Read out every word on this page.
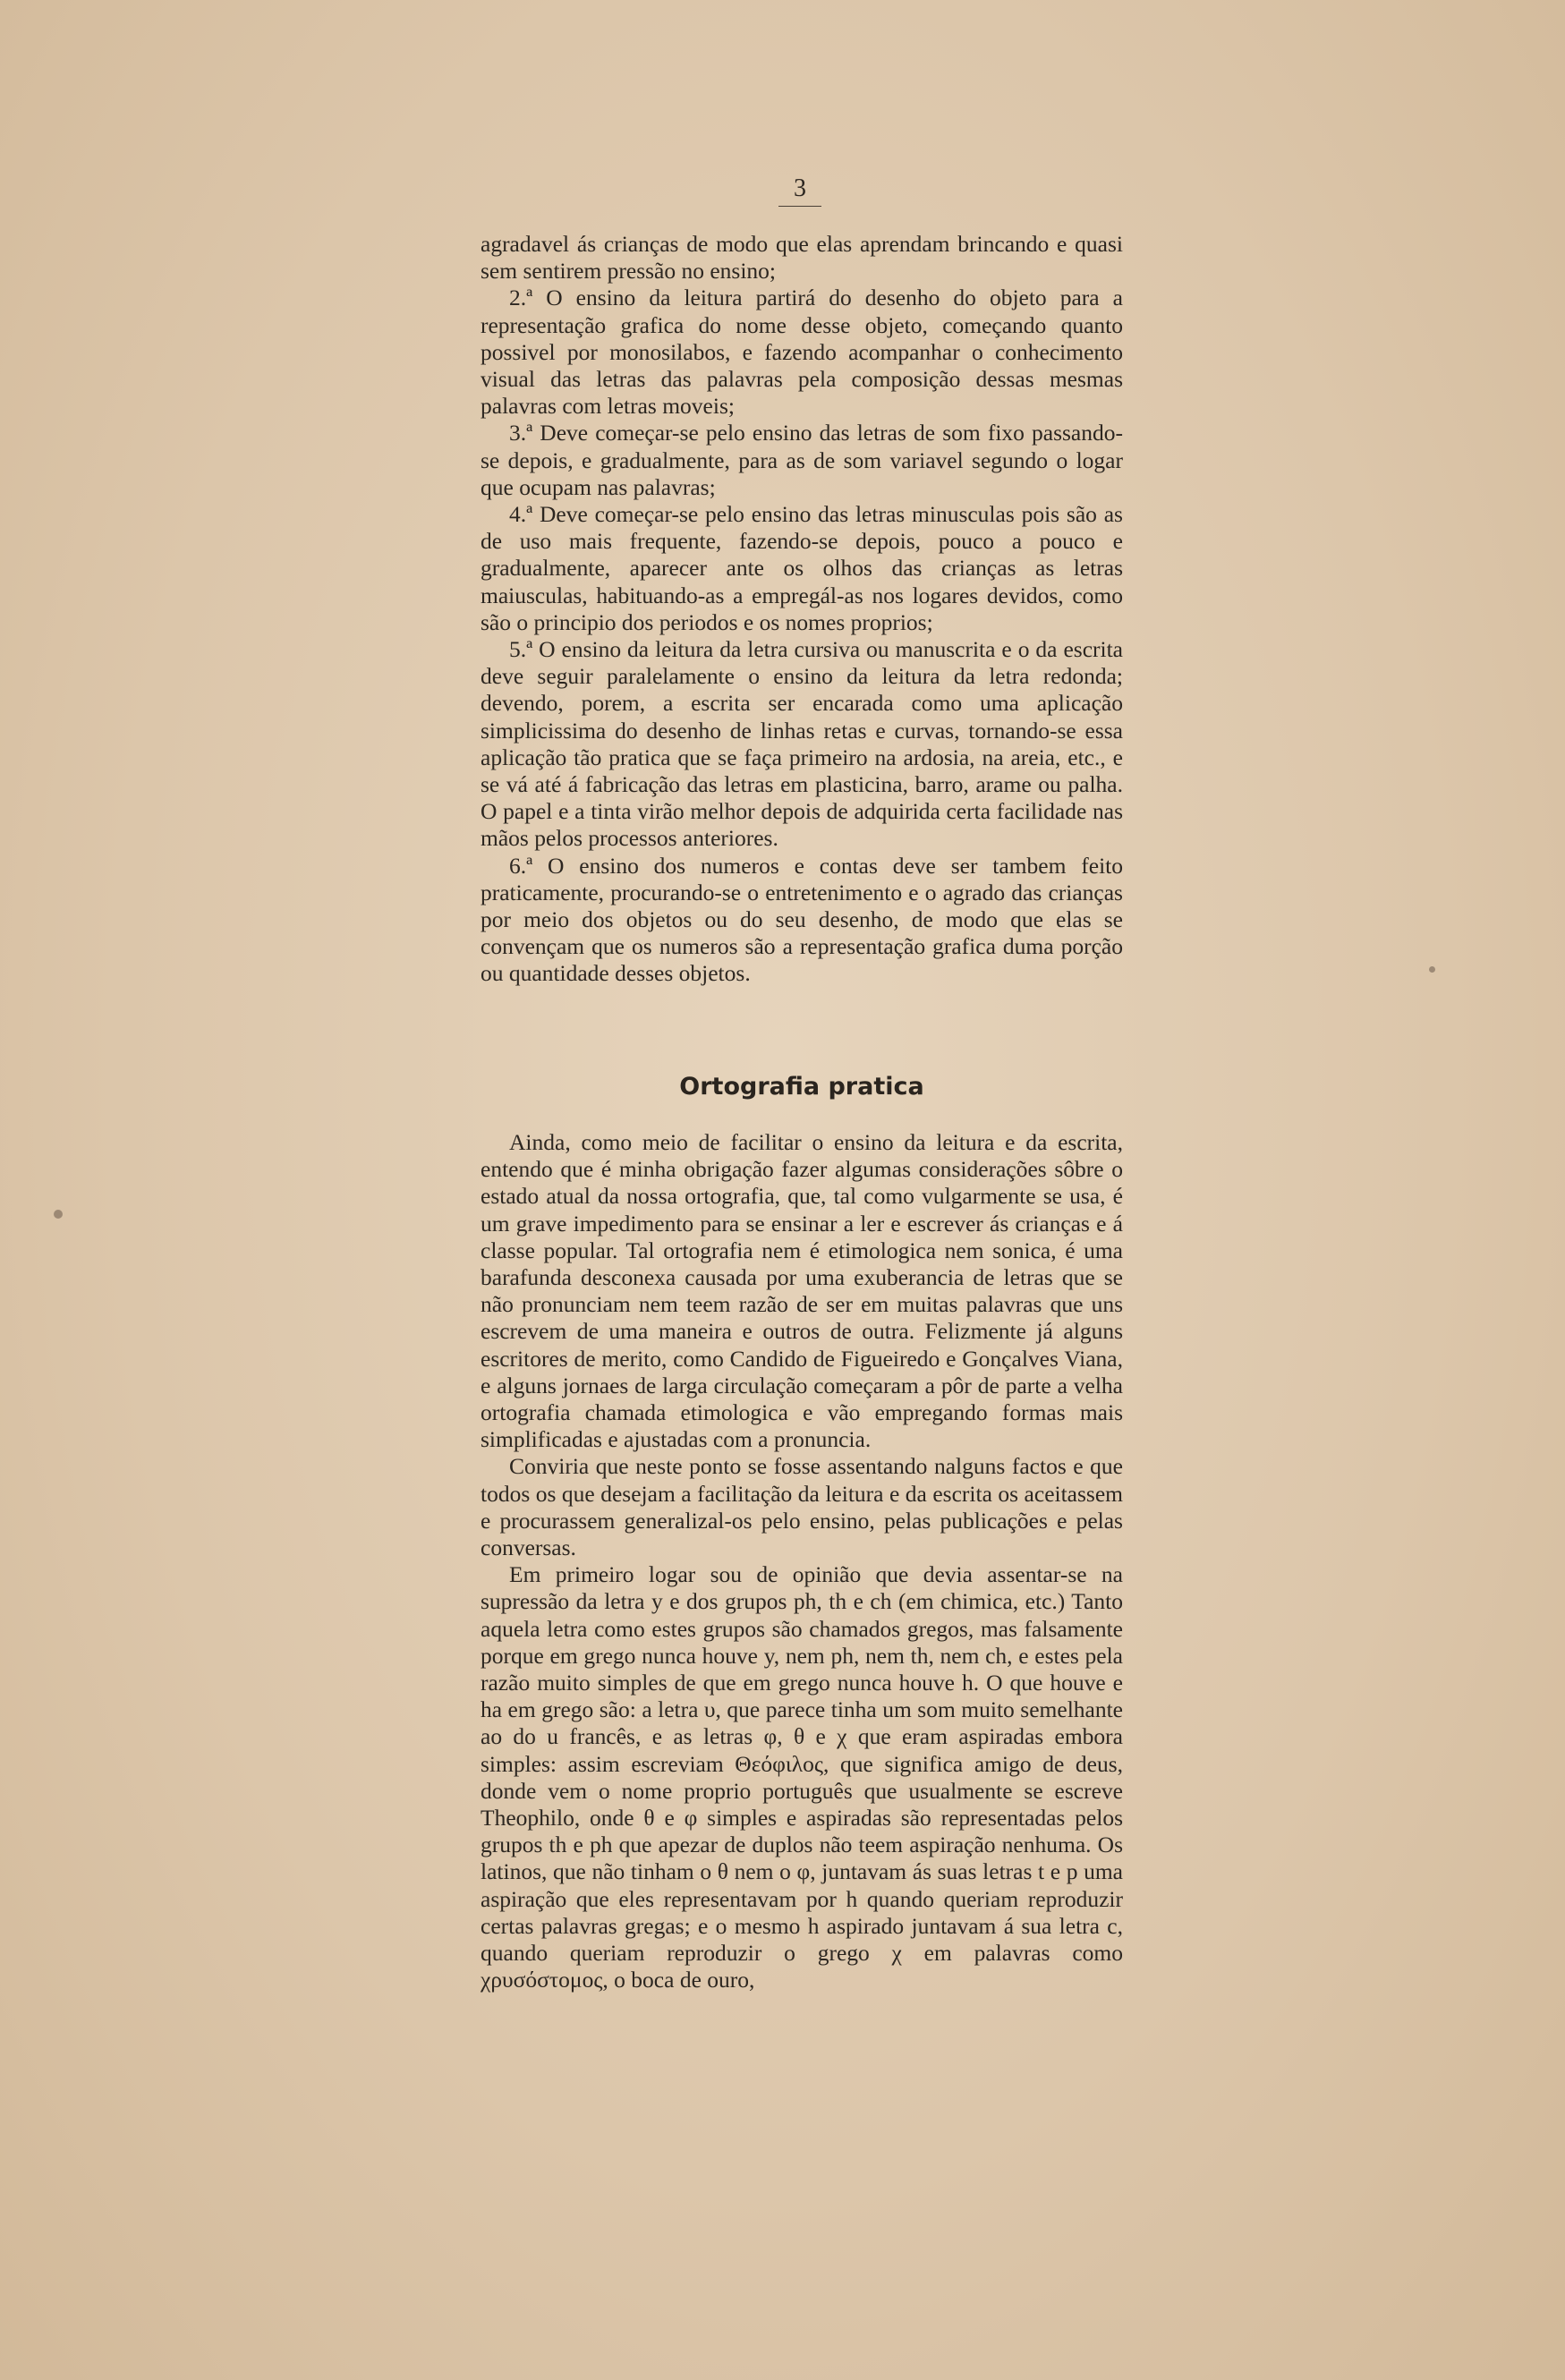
3

agradavel ás crianças de modo que elas aprendam brincando e quasi sem sentirem pressão no ensino;

2.ª O ensino da leitura partirá do desenho do objeto para a representação grafica do nome desse objeto, começando quanto possivel por monosilabos, e fazendo acompanhar o conhecimento visual das letras das palavras pela composição dessas mesmas palavras com letras moveis;

3.ª Deve começar-se pelo ensino das letras de som fixo passando-se depois, e gradualmente, para as de som variavel segundo o logar que ocupam nas palavras;

4.ª Deve começar-se pelo ensino das letras minusculas pois são as de uso mais frequente, fazendo-se depois, pouco a pouco e gradualmente, aparecer ante os olhos das crianças as letras maiusculas, habituando-as a empregál-as nos logares devidos, como são o principio dos periodos e os nomes proprios;

5.ª O ensino da leitura da letra cursiva ou manuscrita e o da escrita deve seguir paralelamente o ensino da leitura da letra redonda; devendo, porem, a escrita ser encarada como uma aplicação simplicissima do desenho de linhas retas e curvas, tornando-se essa aplicação tão pratica que se faça primeiro na ardosia, na areia, etc., e se vá até á fabricação das letras em plasticina, barro, arame ou palha. O papel e a tinta virão melhor depois de adquirida certa facilidade nas mãos pelos processos anteriores.

6.ª O ensino dos numeros e contas deve ser tambem feito praticamente, procurando-se o entretenimento e o agrado das crianças por meio dos objetos ou do seu desenho, de modo que elas se convençam que os numeros são a representação grafica duma porção ou quantidade desses objetos.

Ortografia pratica

Ainda, como meio de facilitar o ensino da leitura e da escrita, entendo que é minha obrigação fazer algumas considerações sôbre o estado atual da nossa ortografia, que, tal como vulgarmente se usa, é um grave impedimento para se ensinar a ler e escrever ás crianças e á classe popular. Tal ortografia nem é etimologica nem sonica, é uma barafunda desconexa causada por uma exuberancia de letras que se não pronunciam nem teem razão de ser em muitas palavras que uns escrevem de uma maneira e outros de outra. Felizmente já alguns escritores de merito, como Candido de Figueiredo e Gonçalves Viana, e alguns jornaes de larga circulação começaram a pôr de parte a velha ortografia chamada etimologica e vão empregando formas mais simplificadas e ajustadas com a pronuncia.

Conviria que neste ponto se fosse assentando nalguns factos e que todos os que desejam a facilitação da leitura e da escrita os aceitassem e procurassem generalizal-os pelo ensino, pelas publicações e pelas conversas.

Em primeiro logar sou de opinião que devia assentar-se na supressão da letra y e dos grupos ph, th e ch (em chimica, etc.) Tanto aquela letra como estes grupos são chamados gregos, mas falsamente porque em grego nunca houve y, nem ph, nem th, nem ch, e estes pela razão muito simples de que em grego nunca houve h. O que houve e ha em grego são: a letra υ, que parece tinha um som muito semelhante ao do u francês, e as letras φ, θ e χ que eram aspiradas embora simples: assim escreviam Θεόφιλος, que significa amigo de deus, donde vem o nome proprio português que usualmente se escreve Theophilo, onde θ e φ simples e aspiradas são representadas pelos grupos th e ph que apezar de duplos não teem aspiração nenhuma. Os latinos, que não tinham o θ nem o φ, juntavam ás suas letras t e p uma aspiração que eles representavam por h quando queriam reproduzir certas palavras gregas; e o mesmo h aspirado juntavam á sua letra c, quando queriam reproduzir o grego χ em palavras como χρυσόστομος, o boca de ouro,
